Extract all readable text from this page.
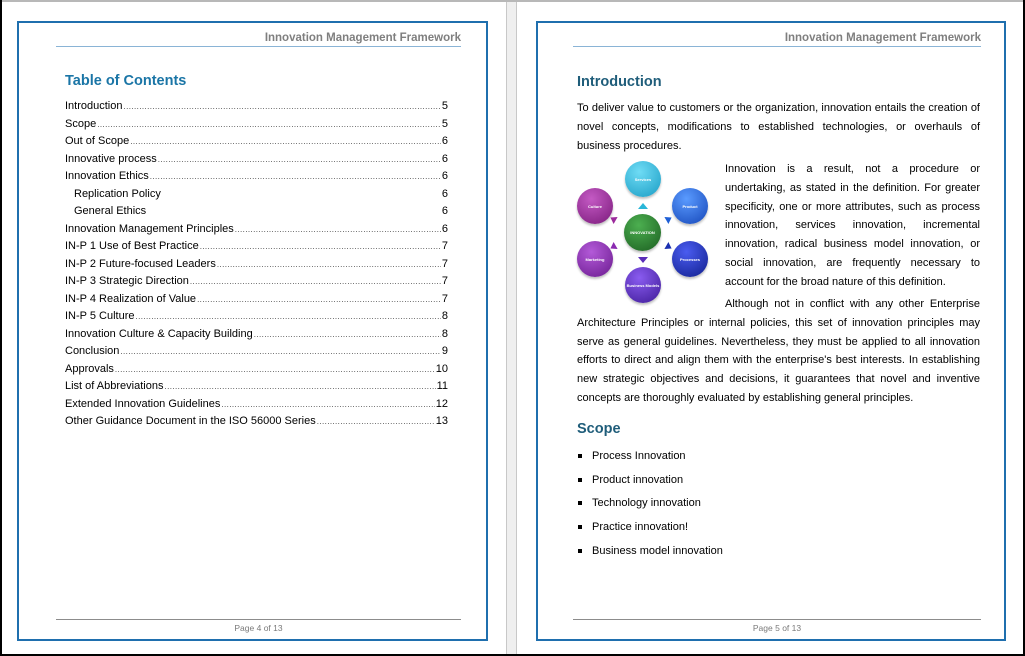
Innovation Management Framework
Table of Contents
Introduction .....	5
Scope .....	5
Out of Scope .....	6
Innovative process .....	6
Innovation Ethics .....	6
Replication Policy	6
General Ethics	6
Innovation Management Principles .....	6
IN-P 1 Use of Best Practice .....	7
IN-P 2 Future-focused Leaders .....	7
IN-P 3 Strategic Direction .....	7
IN-P 4 Realization of Value .....	7
IN-P 5 Culture .....	8
Innovation Culture & Capacity Building .....	8
Conclusion .....	9
Approvals .....	10
List of Abbreviations .....	11
Extended Innovation Guidelines .....	12
Other Guidance Document in the ISO 56000 Series .....	13
Page 4 of 13
Innovation Management Framework
Introduction
To deliver value to customers or the organization, innovation entails the creation of novel concepts, modifications to established technologies, or overhauls of business procedures.
INNOVATION
Services
Product
Processes
Business Models
Marketing
Culture
Innovation is a result, not a procedure or undertaking, as stated in the definition. For greater specificity, one or more attributes, such as process innovation, services innovation, incremental innovation, radical business model innovation, or social innovation, are frequently necessary to account for the broad nature of this definition.
Although not in conflict with any other Enterprise Architecture Principles or internal policies, this set of innovation principles may serve as general guidelines. Nevertheless, they must be applied to all innovation efforts to direct and align them with the enterprise's best interests. In establishing new strategic objectives and decisions, it guarantees that novel and inventive concepts are thoroughly evaluated by establishing general principles.
Scope
Process Innovation
Product innovation
Technology innovation
Practice innovation!
Business model innovation
Page 5 of 13
